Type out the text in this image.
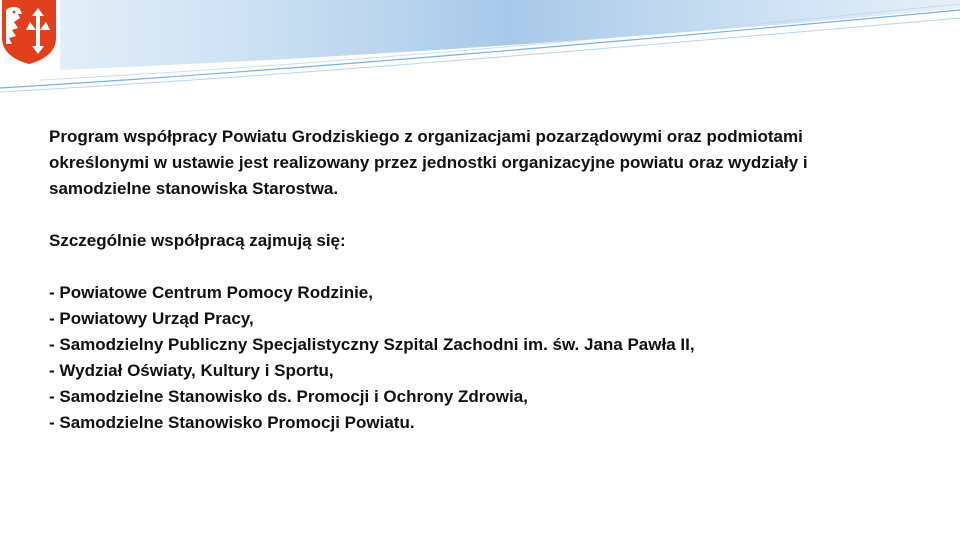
Program współpracy Powiatu Grodziskiego z organizacjami pozarządowymi oraz podmiotami
określonymi w ustawie jest realizowany przez jednostki organizacyjne powiatu oraz wydziały i
samodzielne stanowiska Starostwa.

Szczególnie współpracą zajmują się:

- Powiatowe Centrum Pomocy Rodzinie,
- Powiatowy Urząd Pracy,
- Samodzielny Publiczny Specjalistyczny Szpital Zachodni im. św. Jana Pawła II,
- Wydział Oświaty, Kultury i Sportu,
- Samodzielne Stanowisko ds. Promocji i Ochrony Zdrowia,
- Samodzielne Stanowisko Promocji Powiatu.
